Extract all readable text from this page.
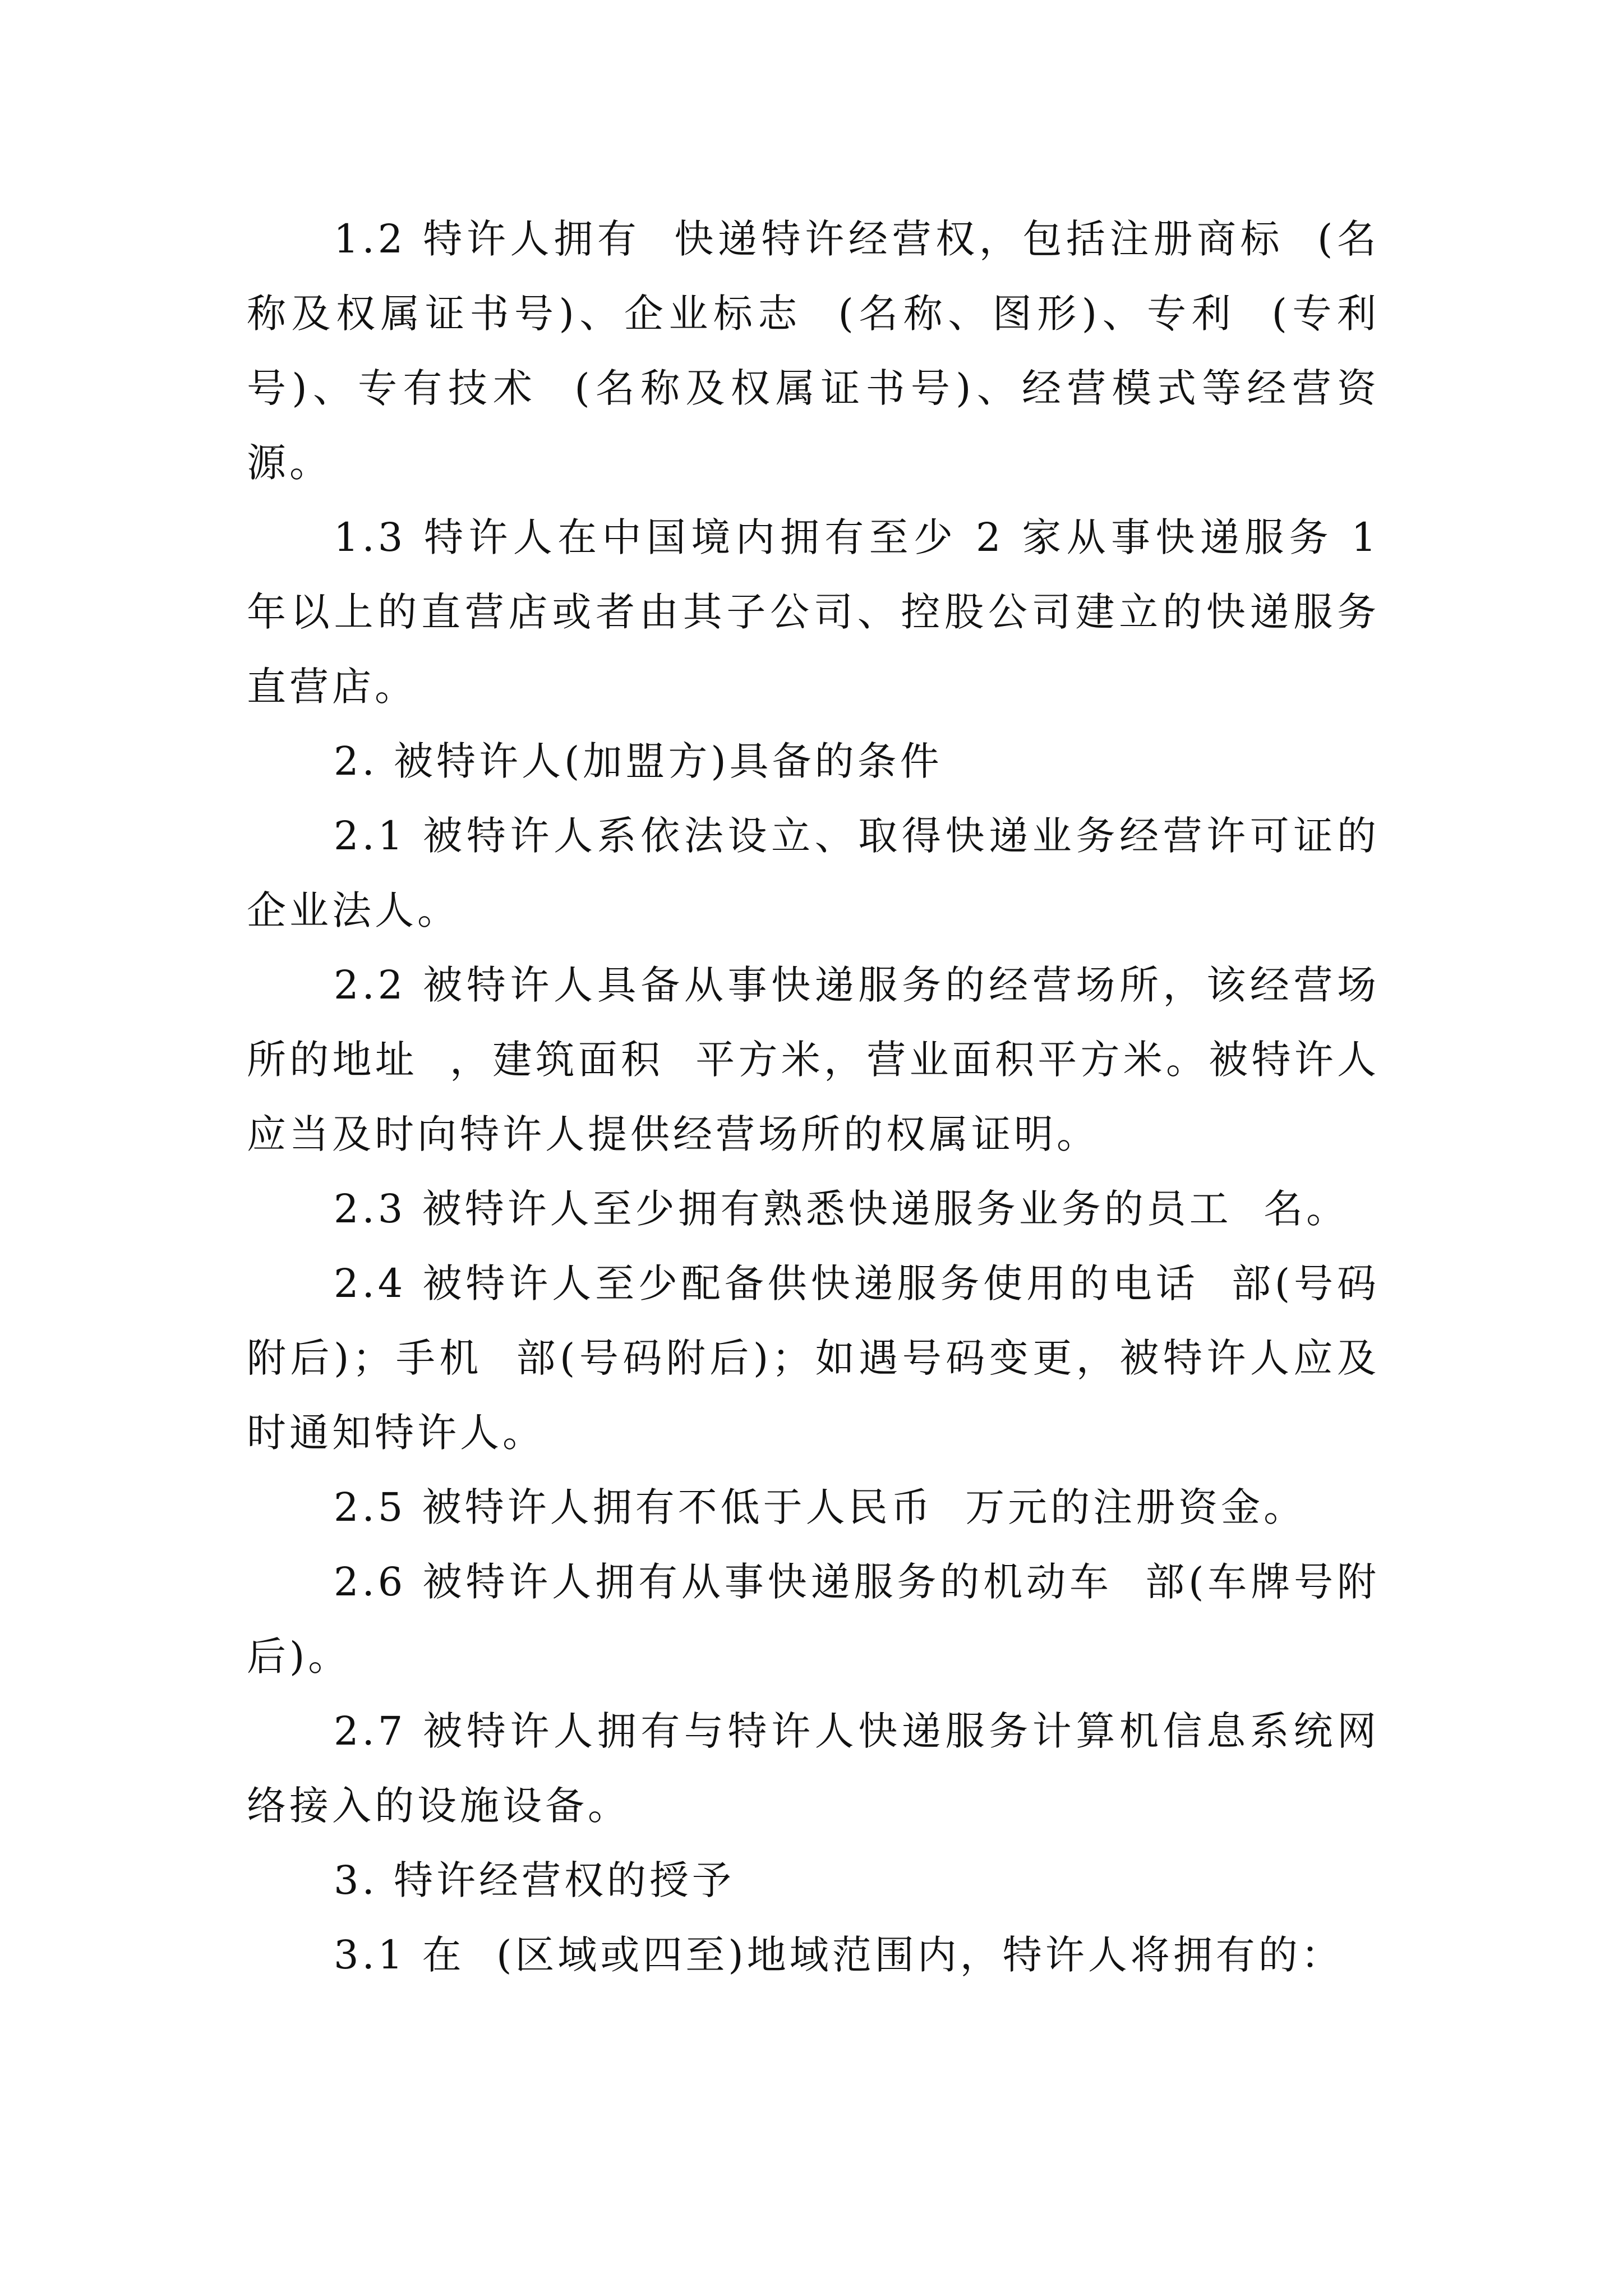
1.2 特许人拥有  快递特许经营权，包括注册商标  (名称及权属证书号)、企业标志  (名称、图形)、专利  (专利号)、专有技术  (名称及权属证书号)、经营模式等经营资源。

1.3 特许人在中国境内拥有至少 2 家从事快递服务 1 年以上的直营店或者由其子公司、控股公司建立的快递服务直营店。

2. 被特许人(加盟方)具备的条件

2.1 被特许人系依法设立、取得快递业务经营许可证的企业法人。

2.2 被特许人具备从事快递服务的经营场所，该经营场所的地址  ，建筑面积  平方米，营业面积平方米。被特许人应当及时向特许人提供经营场所的权属证明。

2.3 被特许人至少拥有熟悉快递服务业务的员工  名。

2.4 被特许人至少配备供快递服务使用的电话  部(号码附后)；手机  部(号码附后)；如遇号码变更，被特许人应及时通知特许人。

2.5 被特许人拥有不低于人民币  万元的注册资金。

2.6 被特许人拥有从事快递服务的机动车  部(车牌号附后)。

2.7 被特许人拥有与特许人快递服务计算机信息系统网络接入的设施设备。

3. 特许经营权的授予

3.1 在  (区域或四至)地域范围内，特许人将拥有的：
